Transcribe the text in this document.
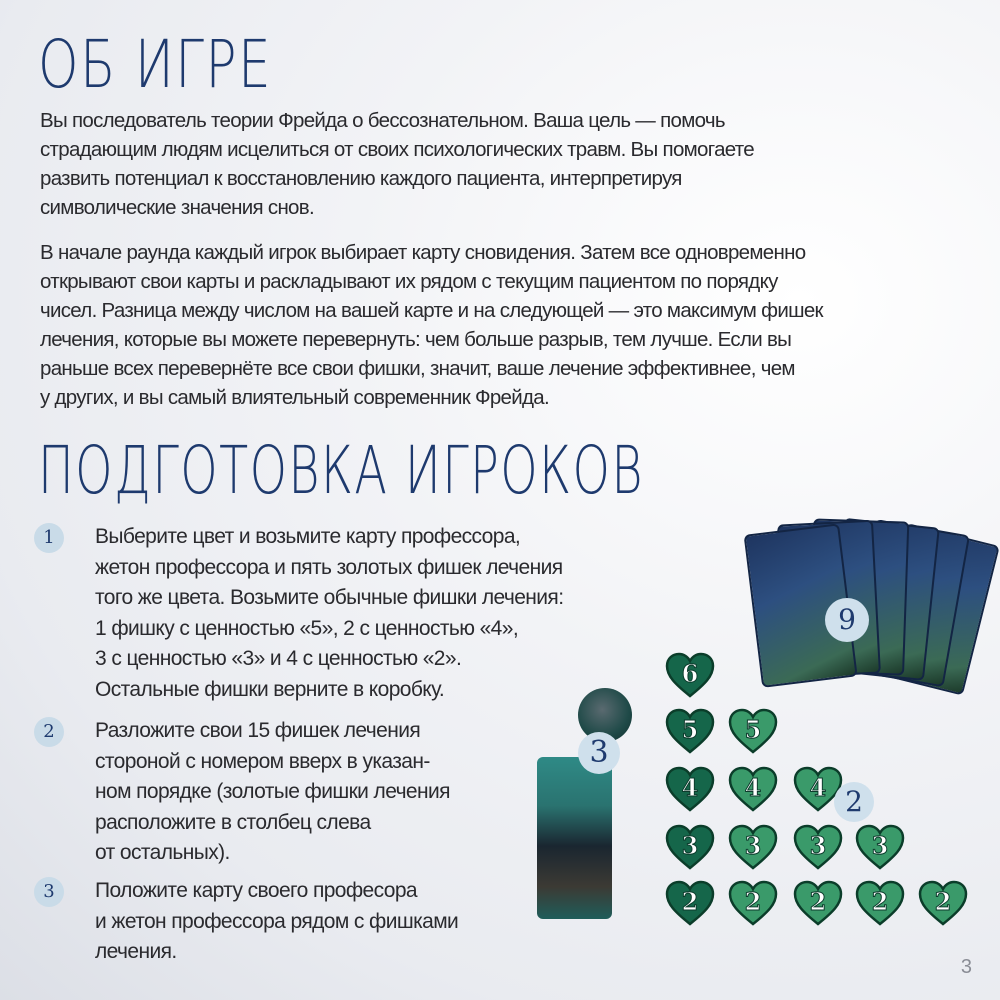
ОБ ИГРЕ
Вы последователь теории Фрейда о бессознательном. Ваша цель — помочь
страдающим людям исцелиться от своих психологических травм. Вы помогаете
развить потенциал к восстановлению каждого пациента, интерпретируя
символические значения снов.
В начале раунда каждый игрок выбирает карту сновидения. Затем все одновременно
открывают свои карты и раскладывают их рядом с текущим пациентом по порядку
чисел. Разница между числом на вашей карте и на следующей — это максимум фишек
лечения, которые вы можете перевернуть: чем больше разрыв, тем лучше. Если вы
раньше всех перевернёте все свои фишки, значит, ваше лечение эффективнее, чем
у других, и вы самый влиятельный современник Фрейда.
ПОДГОТОВКА ИГРОКОВ
1	Выберите цвет и возьмите карту профессора,
жетон профессора и пять золотых фишек лечения
того же цвета. Возьмите обычные фишки лечения:
1 фишку с ценностью «5», 2 с ценностью «4»,
3 с ценностью «3» и 4 с ценностью «2».
Остальные фишки верните в коробку.
2	Разложите свои 15 фишек лечения
стороной с номером вверх в указан-
ном порядке (золотые фишки лечения
расположите в столбец слева
от остальных).
3	Положите карту своего професора
и жетон профессора рядом с фишками
лечения.
9
3
6
5	5
4	4	4
3	3	3	3
2	2	2	2	2
2
3
